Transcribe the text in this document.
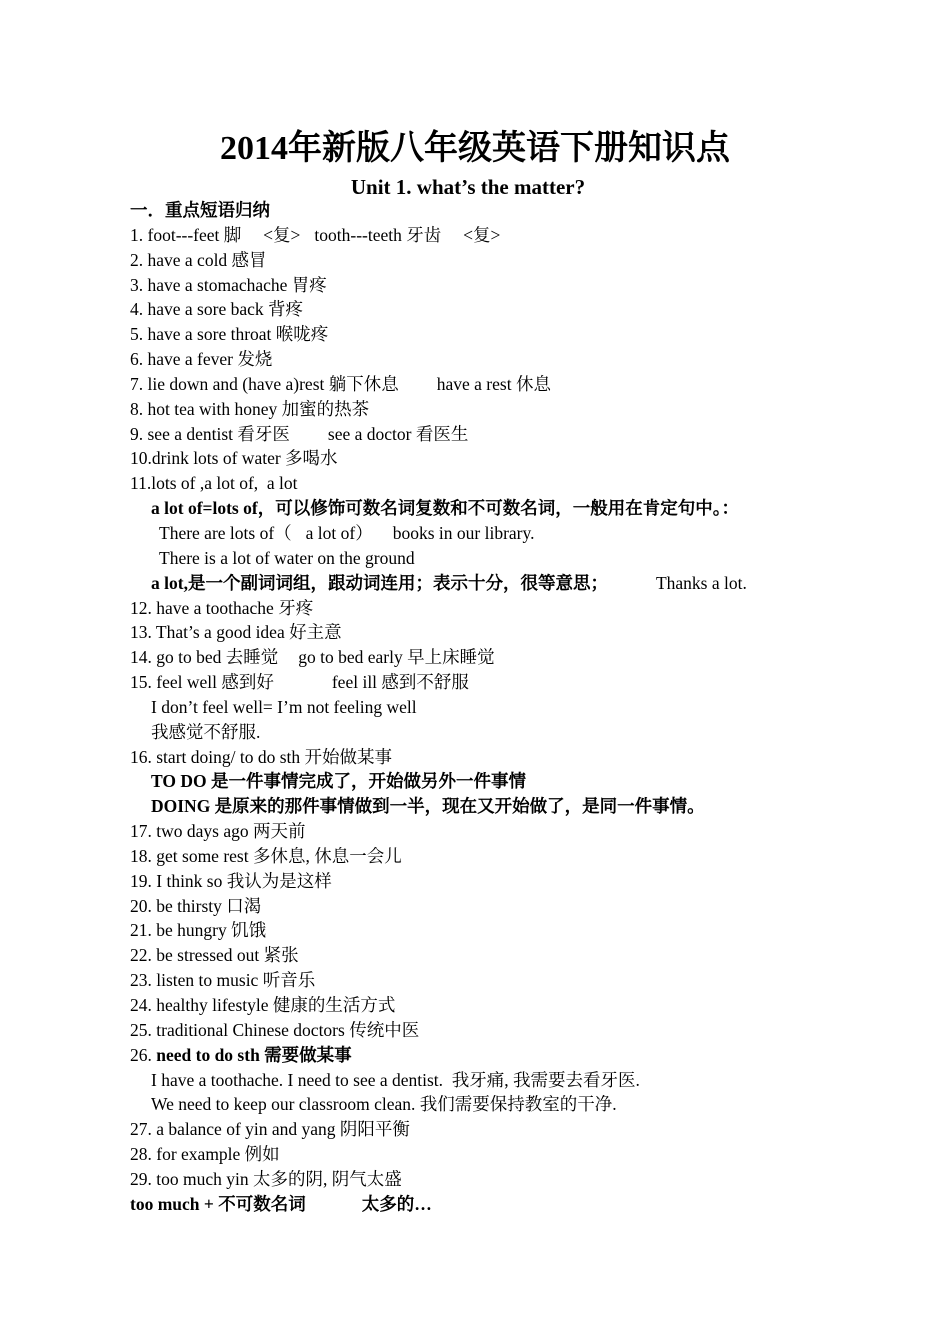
2014年新版八年级英语下册知识点
Unit 1. what’s the matter?
一．重点短语归纳
1. foot---feet 脚 　<复> tooth---teeth 牙齿 　<复>
2. have a cold 感冒
3. have a stomachache 胃疼
4. have a sore back 背疼
5. have a sore throat 喉咙疼
6. have a fever 发烧
7. lie down and (have a)rest 躺下休息 have a rest 休息
8. hot tea with honey 加蜜的热茶
9. see a dentist 看牙医 see a doctor 看医生
10.drink lots of water 多喝水
11.lots of ,a lot of,  a lot
a lot of=lots of，可以修饰可数名词复数和不可数名词，一般用在肯定句中。：
There are lots of（ a lot of） books in our library.
There is a lot of water on the ground
a lot,是一个副词词组，跟动词连用；表示十分，很等意思；	Thanks a lot.
12. have a toothache 牙疼
13. That’s a good idea 好主意
14. go to bed 去睡觉 go to bed early 早上床睡觉
15. feel well 感到好	feel ill 感到不舒服
I don’t feel well= I’m not feeling well
我感觉不舒服.
16. start doing/ to do sth 开始做某事
TO DO 是一件事情完成了，开始做另外一件事情
DOING 是原来的那件事情做到一半，现在又开始做了，是同一件事情。
17. two days ago 两天前
18. get some rest 多休息, 休息一会儿
19. I think so 我认为是这样
20. be thirsty 口渴
21. be hungry 饥饿
22. be stressed out 紧张
23. listen to music 听音乐
24. healthy lifestyle 健康的生活方式
25. traditional Chinese doctors 传统中医
26. need to do sth 需要做某事
I have a toothache. I need to see a dentist.  我牙痛, 我需要去看牙医.
We need to keep our classroom clean. 我们需要保持教室的干净.
27. a balance of yin and yang 阴阳平衡
28. for example 例如
29. too much yin 太多的阴, 阴气太盛
too much + 不可数名词	太多的…
